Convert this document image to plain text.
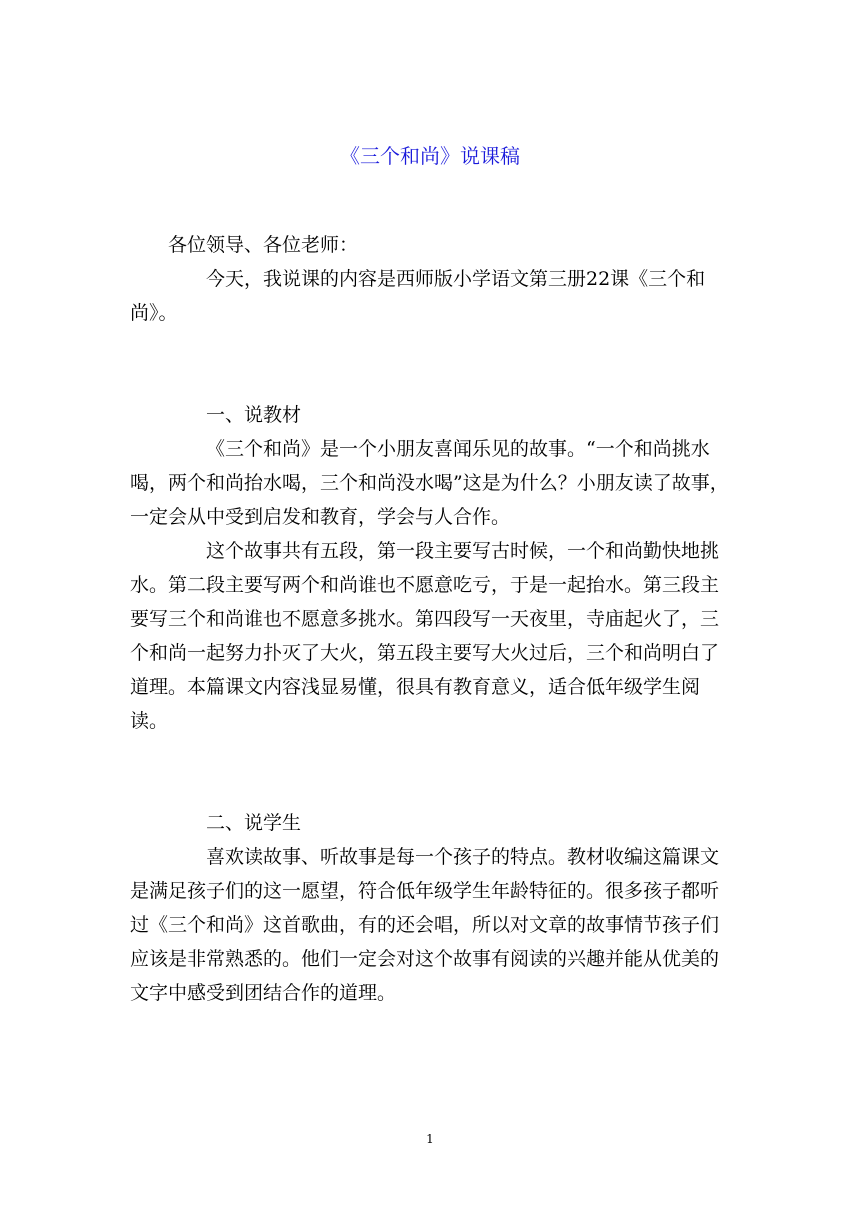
《三个和尚》说课稿

各位领导、各位老师：

今天，我说课的内容是西师版小学语文第三册22课《三个和尚》。

一、说教材

《三个和尚》是一个小朋友喜闻乐见的故事。“一个和尚挑水喝，两个和尚抬水喝，三个和尚没水喝”这是为什么？小朋友读了故事，一定会从中受到启发和教育，学会与人合作。

这个故事共有五段，第一段主要写古时候，一个和尚勤快地挑水。第二段主要写两个和尚谁也不愿意吃亏，于是一起抬水。第三段主要写三个和尚谁也不愿意多挑水。第四段写一天夜里，寺庙起火了，三个和尚一起努力扑灭了大火，第五段主要写大火过后，三个和尚明白了道理。本篇课文内容浅显易懂，很具有教育意义，适合低年级学生阅读。

二、说学生

喜欢读故事、听故事是每一个孩子的特点。教材收编这篇课文是满足孩子们的这一愿望，符合低年级学生年龄特征的。很多孩子都听过《三个和尚》这首歌曲，有的还会唱，所以对文章的故事情节孩子们应该是非常熟悉的。他们一定会对这个故事有阅读的兴趣并能从优美的文字中感受到团结合作的道理。

1
